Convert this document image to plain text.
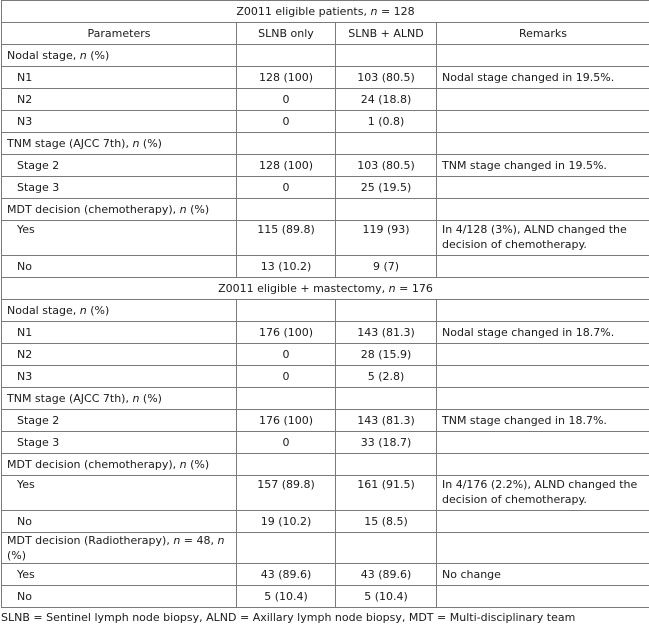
Z0011 eligible patients, n = 128			
Parameters	SLNB only	SLNB + ALND	Remarks
Nodal stage, n (%)			
N1	128 (100)	103 (80.5)	Nodal stage changed in 19.5%.
N2	0	24 (18.8)	
N3	0	1 (0.8)	
TNM stage (AJCC 7th), n (%)			
Stage 2	128 (100)	103 (80.5)	TNM stage changed in 19.5%.
Stage 3	0	25 (19.5)	
MDT decision (chemotherapy), n (%)			
Yes	115 (89.8)	119 (93)	In 4/128 (3%), ALND changed the decision of chemotherapy.
No	13 (10.2)	9 (7)	
Z0011 eligible + mastectomy, n = 176			
Nodal stage, n (%)			
N1	176 (100)	143 (81.3)	Nodal stage changed in 18.7%.
N2	0	28 (15.9)	
N3	0	5 (2.8)	
TNM stage (AJCC 7th), n (%)			
Stage 2	176 (100)	143 (81.3)	TNM stage changed in 18.7%.
Stage 3	0	33 (18.7)	
MDT decision (chemotherapy), n (%)			
Yes	157 (89.8)	161 (91.5)	In 4/176 (2.2%), ALND changed the decision of chemotherapy.
No	19 (10.2)	15 (8.5)	
MDT decision (Radiotherapy), n = 48, n (%)			
Yes	43 (89.6)	43 (89.6)	No change
No	5 (10.4)	5 (10.4)	
SLNB = Sentinel lymph node biopsy, ALND = Axillary lymph node biopsy, MDT = Multi-disciplinary team
